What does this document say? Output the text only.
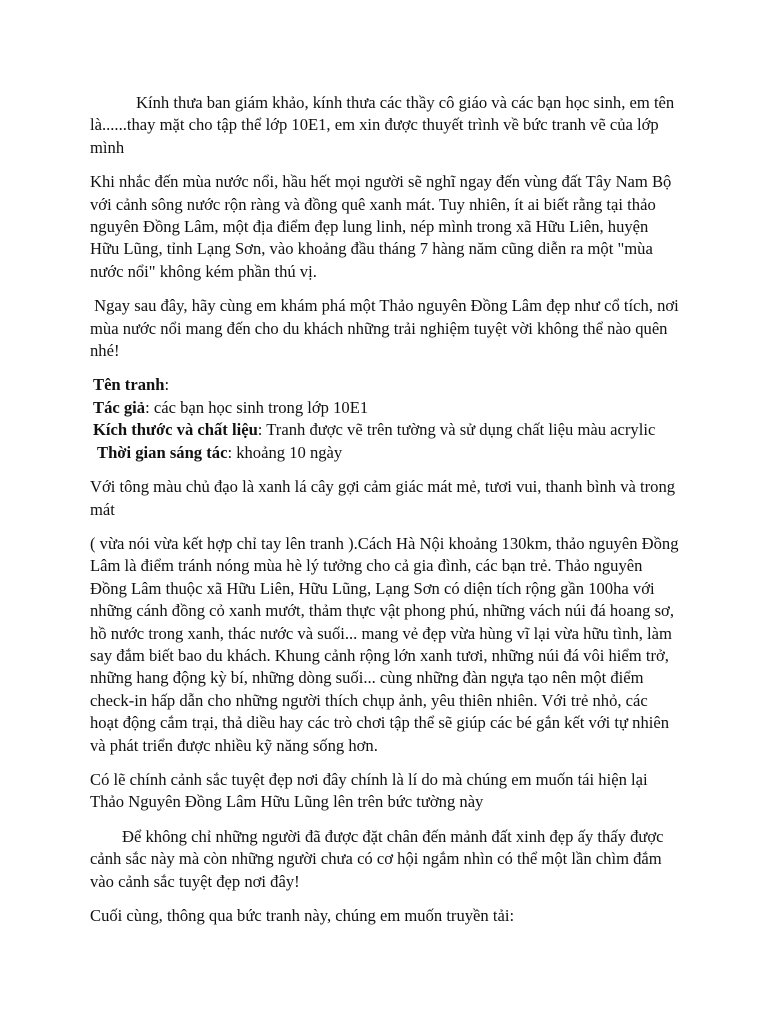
Kính thưa ban giám khảo, kính thưa các thầy cô giáo và các bạn học sinh, em tên là......thay mặt cho tập thể lớp 10E1, em xin được thuyết trình về bức tranh vẽ của lớp mình

Khi nhắc đến mùa nước nổi, hầu hết mọi người sẽ nghĩ ngay đến vùng đất Tây Nam Bộ với cảnh sông nước rộn ràng và đồng quê xanh mát. Tuy nhiên, ít ai biết rằng tại thảo nguyên Đồng Lâm, một địa điểm đẹp lung linh, nép mình trong xã Hữu Liên, huyện Hữu Lũng, tỉnh Lạng Sơn, vào khoảng đầu tháng 7 hàng năm cũng diễn ra một "mùa nước nổi" không kém phần thú vị.

Ngay sau đây, hãy cùng em khám phá một Thảo nguyên Đồng Lâm đẹp như cổ tích, nơi mùa nước nổi mang đến cho du khách những trải nghiệm tuyệt vời không thể nào quên nhé!

Tên tranh:

Tác giả: các bạn học sinh trong lớp 10E1

Kích thước và chất liệu: Tranh được vẽ trên tường và sử dụng chất liệu màu acrylic

Thời gian sáng tác: khoảng 10 ngày

Với tông màu chủ đạo là xanh lá cây gợi cảm giác mát mẻ, tươi vui, thanh bình và trong mát

( vừa nói vừa kết hợp chỉ tay lên tranh ).Cách Hà Nội khoảng 130km, thảo nguyên Đồng Lâm là điểm tránh nóng mùa hè lý tưởng cho cả gia đình, các bạn trẻ. Thảo nguyên Đồng Lâm thuộc xã Hữu Liên, Hữu Lũng, Lạng Sơn có diện tích rộng gần 100ha với những cánh đồng cỏ xanh mướt, thảm thực vật phong phú, những vách núi đá hoang sơ, hồ nước trong xanh, thác nước và suối... mang vẻ đẹp vừa hùng vĩ lại vừa hữu tình, làm say đắm biết bao du khách. Khung cảnh rộng lớn xanh tươi, những núi đá vôi hiểm trở, những hang động kỳ bí, những dòng suối... cùng những đàn ngựa tạo nên một điểm check-in hấp dẫn cho những người thích chụp ảnh, yêu thiên nhiên. Với trẻ nhỏ, các hoạt động cắm trại, thả diều hay các trò chơi tập thể sẽ giúp các bé gắn kết với tự nhiên và phát triển được nhiều kỹ năng sống hơn.

Có lẽ chính cảnh sắc tuyệt đẹp nơi đây chính là lí do mà chúng em muốn tái hiện lại Thảo Nguyên Đồng Lâm Hữu Lũng lên trên bức tường này

Để không chỉ những người đã được đặt chân đến mảnh đất xinh đẹp ấy thấy được cảnh sắc này mà còn những người chưa có cơ hội ngắm nhìn có thể một lần chìm đắm vào cảnh sắc tuyệt đẹp nơi đây!

Cuối cùng, thông qua bức tranh này, chúng em muốn truyền tải:
